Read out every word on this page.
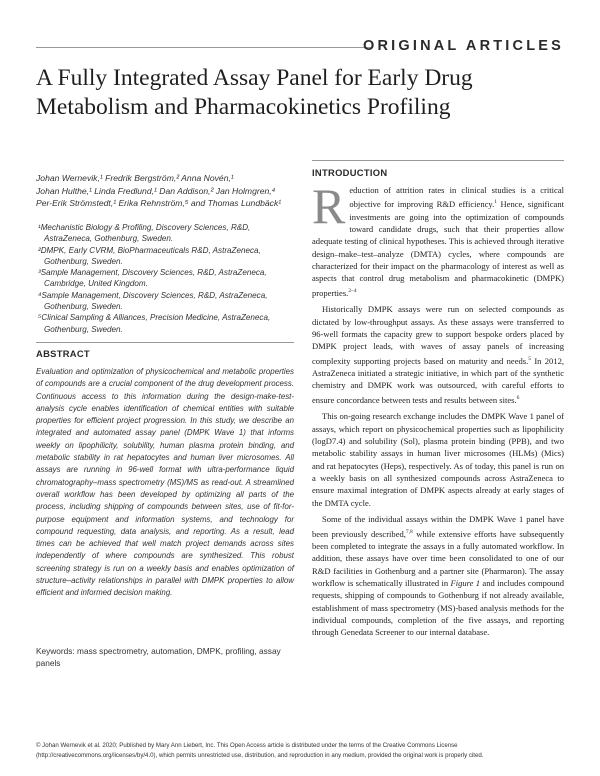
ORIGINAL ARTICLES
A Fully Integrated Assay Panel for Early Drug Metabolism and Pharmacokinetics Profiling
Johan Wernevik,¹ Fredrik Bergström,² Anna Novén,¹
Johan Hulthe,¹ Linda Fredlund,¹ Dan Addison,² Jan Holmgren,⁴
Per-Erik Strömstedt,¹ Erika Rehnström,⁵ and Thomas Lundbäck¹

¹Mechanistic Biology & Profiling, Discovery Sciences, R&D, AstraZeneca, Gothenburg, Sweden.

²DMPK, Early CVRM, BioPharmaceuticals R&D, AstraZeneca, Gothenburg, Sweden.

³Sample Management, Discovery Sciences, R&D, AstraZeneca, Cambridge, United Kingdom.

⁴Sample Management, Discovery Sciences, R&D, AstraZeneca, Gothenburg, Sweden.

⁵Clinical Sampling & Alliances, Precision Medicine, AstraZeneca, Gothenburg, Sweden.

ABSTRACT
Evaluation and optimization of physicochemical and metabolic properties of compounds are a crucial component of the drug development process. Continuous access to this information during the design-make-test-analysis cycle enables identification of chemical entities with suitable properties for efficient project progression. In this study, we describe an integrated and automated assay panel (DMPK Wave 1) that informs weekly on lipophilicity, solubility, human plasma protein binding, and metabolic stability in rat hepatocytes and human liver microsomes. All assays are running in 96-well format with ultra-performance liquid chromatography–mass spectrometry (MS)/MS as read-out. A streamlined overall workflow has been developed by optimizing all parts of the process, including shipping of compounds between sites, use of fit-for-purpose equipment and information systems, and technology for compound requesting, data analysis, and reporting. As a result, lead times can be achieved that well match project demands across sites independently of where compounds are synthesized. This robust screening strategy is run on a weekly basis and enables optimization of structure–activity relationships in parallel with DMPK properties to allow efficient and informed decision making.
Keywords: mass spectrometry, automation, DMPK, profiling, assay panels
INTRODUCTION

Reduction of attrition rates in clinical studies is a critical objective for improving R&D efficiency.$^1$ Hence, significant investments are going into the optimization of compounds toward candidate drugs, such that their properties allow adequate testing of clinical hypotheses. This is achieved through iterative design–make–test–analyze (DMTA) cycles, where compounds are characterized for their impact on the pharmacology of interest as well as aspects that control drug metabolism and pharmacokinetic (DMPK) properties.$^{2-4}$

Historically DMPK assays were run on selected compounds as dictated by low-throughput assays. As these assays were transferred to 96-well formats the capacity grew to support bespoke orders placed by DMPK project leads, with waves of assay panels of increasing complexity supporting projects based on maturity and needs.$^5$ In 2012, AstraZeneca initiated a strategic initiative, in which part of the synthetic chemistry and DMPK work was outsourced, with careful efforts to ensure concordance between tests and results between sites.$^6$

This on-going research exchange includes the DMPK Wave 1 panel of assays, which report on physicochemical properties such as lipophilicity (logD7.4) and solubility (Sol), plasma protein binding (PPB), and two metabolic stability assays in human liver microsomes (HLMs) (Mics) and rat hepatocytes (Heps), respectively. As of today, this panel is run on a weekly basis on all synthesized compounds across AstraZeneca to ensure maximal integration of DMPK aspects already at early stages of the DMTA cycle.

Some of the individual assays within the DMPK Wave 1 panel have been previously described,$^{7,8}$ while extensive efforts have subsequently been completed to integrate the assays in a fully automated workflow. In addition, these assays have over time been consolidated to one of our R&D facilities in Gothenburg and a partner site (Pharmaron). The assay workflow is schematically illustrated in Figure 1 and includes compound requests, shipping of compounds to Gothenburg if not already available, establishment of mass spectrometry (MS)-based analysis methods for the individual compounds, completion of the five assays, and reporting through Genedata Screener to our internal database.

© Johan Wernevik et al. 2020; Published by Mary Ann Liebert, Inc. This Open Access article is distributed under the terms of the Creative Commons License (http://creativecommons.org/licenses/by/4.0), which permits unrestricted use, distribution, and reproduction in any medium, provided the original work is properly cited.
